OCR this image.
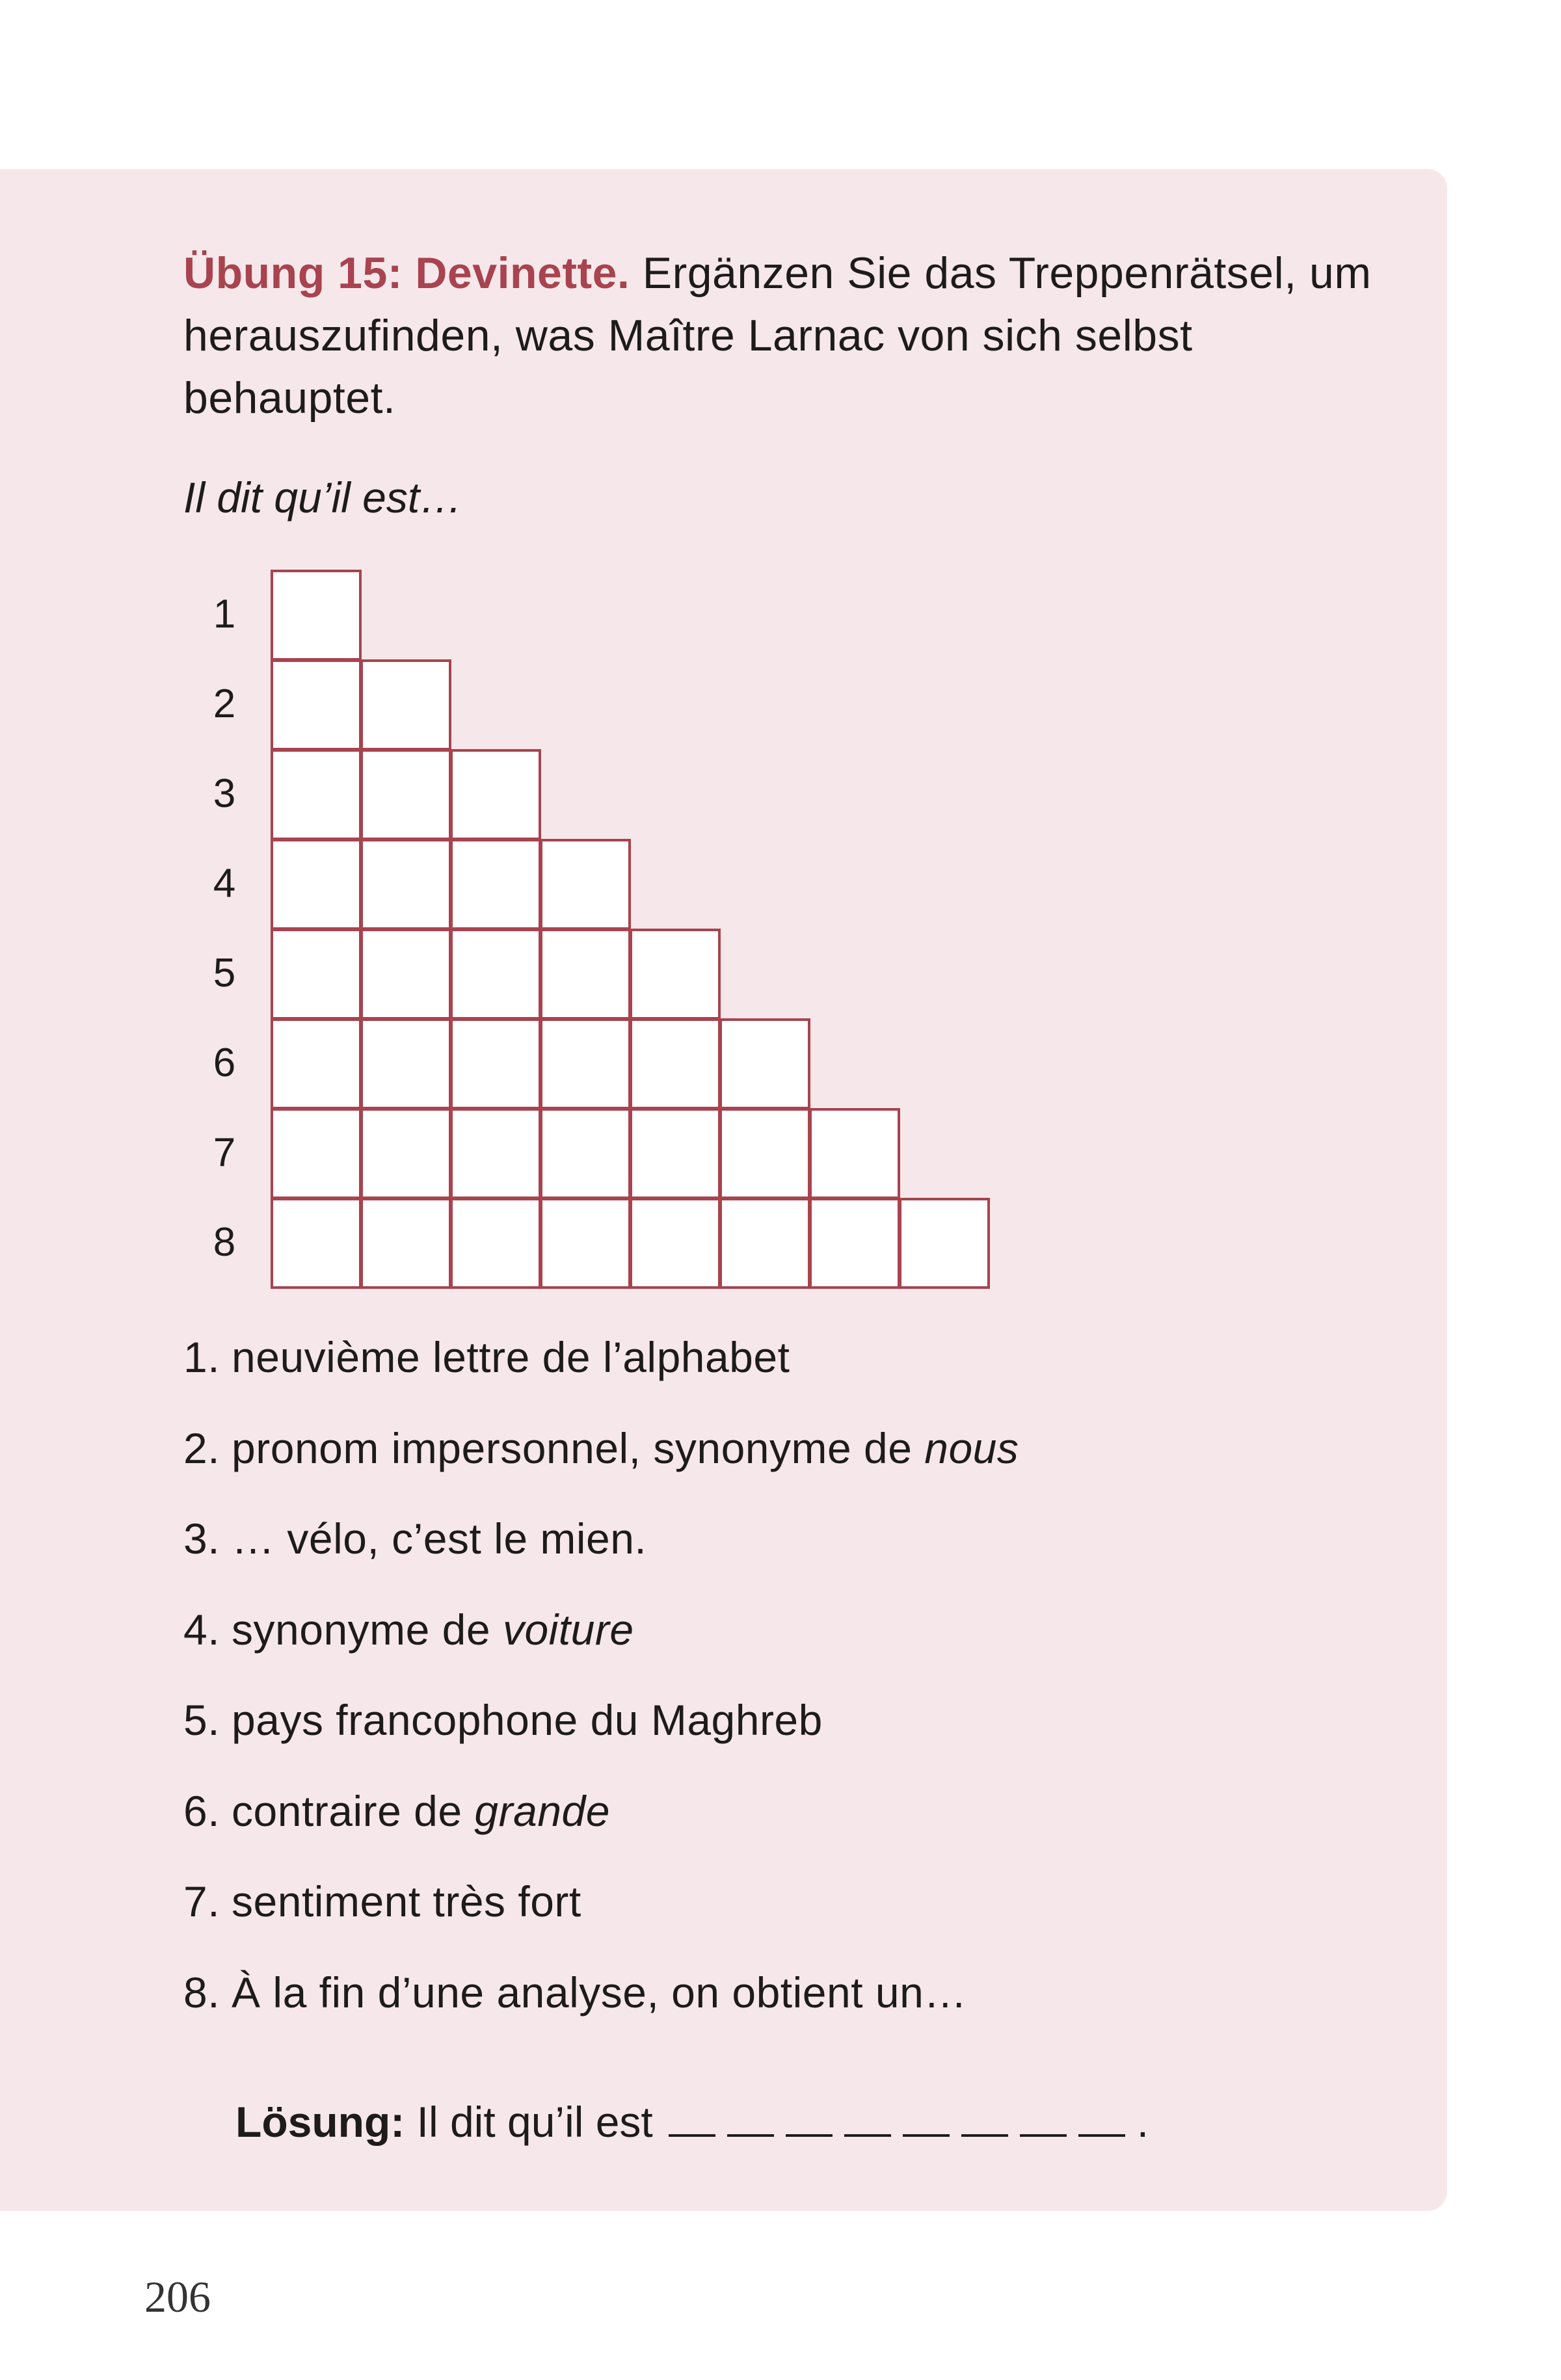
Übung 15: Devinette. Ergänzen Sie das Treppenrätsel, um herauszufinden, was Maître Larnac von sich selbst behauptet.
Il dit qu’il est…
1
2
3
4
5
6
7
8
1. neuvième lettre de l’alphabet
2. pronom impersonnel, synonyme de nous
3. … vélo, c’est le mien.
4. synonyme de voiture
5. pays francophone du Maghreb
6. contraire de grande
7. sentiment très fort
8. À la fin d’une analyse, on obtient un…
Lösung: Il dit qu’il est	.
206
